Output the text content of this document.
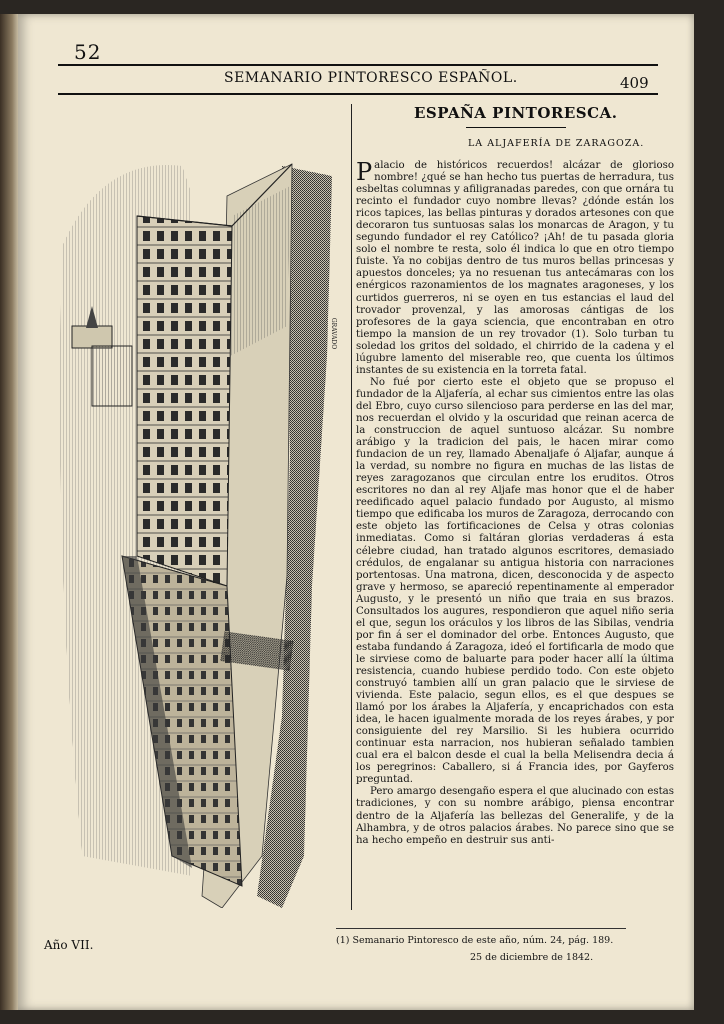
52
SEMANARIO PINTORESCO ESPAÑOL.	409
ESPAÑA PINTORESCA.
LA ALJAFERÍA DE ZARAGOZA.

Palacio de históricos recuerdos! alcázar de glorioso nombre! ¿qué se han hecho tus puertas de herradura, tus esbeltas columnas y afiligranadas paredes, con que ornára tu recinto el fundador cuyo nombre llevas? ¿dónde están los ricos tapices, las bellas pinturas y dorados artesones con que decoraron tus suntuosas salas los monarcas de Aragon, y tu segundo fundador el rey Católico? ¡Ah! de tu pasada gloria solo el nombre te resta, solo él indica lo que en otro tiempo fuiste. Ya no cobijas dentro de tus muros bellas princesas y apuestos donceles; ya no resuenan tus antecámaras con los enérgicos razonamientos de los magnates aragoneses, y los curtidos guerreros, ni se oyen en tus estancias el laud del trovador provenzal, y las amorosas cántigas de los profesores de la gaya sciencia, que encontraban en otro tiempo la mansion de un rey trovador (1). Solo turban tu soledad los gritos del soldado, el chirrido de la cadena y el lúgubre lamento del miserable reo, que cuenta los últimos instantes de su existencia en la torreta fatal.

No fué por cierto este el objeto que se propuso el fundador de la Aljafería, al echar sus cimientos entre las olas del Ebro, cuyo curso silencioso para perderse en las del mar, nos recuerdan el olvido y la oscuridad que reinan acerca de la construccion de aquel suntuoso alcázar. Su nombre arábigo y la tradicion del pais, le hacen mirar como fundacion de un rey, llamado Abenaljafe ó Aljafar, aunque á la verdad, su nombre no figura en muchas de las listas de reyes zaragozanos que circulan entre los eruditos. Otros escritores no dan al rey Aljafe mas honor que el de haber reedificado aquel palacio fundado por Augusto, al mismo tiempo que edificaba los muros de Zaragoza, derrocando con este objeto las fortificaciones de Celsa y otras colonias inmediatas. Como si faltáran glorias verdaderas á esta célebre ciudad, han tratado algunos escritores, demasiado crédulos, de engalanar su antigua historia con narraciones portentosas. Una matrona, dicen, desconocida y de aspecto grave y hermoso, se apareció repentinamente al emperador Augusto, y le presentó un niño que traia en sus brazos. Consultados los augures, respondieron que aquel niño seria el que, segun los oráculos y los libros de las Sibilas, vendria por fin á ser el dominador del orbe. Entonces Augusto, que estaba fundando á Zaragoza, ideó el fortificarla de modo que le sirviese como de baluarte para poder hacer allí la última resistencia, cuando hubiese perdido todo. Con este objeto construyó tambien allí un gran palacio que le sirviese de vivienda. Este palacio, segun ellos, es el que despues se llamó por los árabes la Aljafería, y encaprichados con esta idea, le hacen igualmente morada de los reyes árabes, y por consiguiente del rey Marsilio. Si les hubiera ocurrido continuar esta narracion, nos hubieran señalado tambien cual era el balcon desde el cual la bella Melisendra decia á los peregrinos: Caballero, si á Francia ides, por Gayferos preguntad.

Pero amargo desengaño espera el que alucinado con estas tradiciones, y con su nombre arábigo, piensa encontrar dentro de la Aljafería las bellezas del Generalife, y de la Alhambra, y de otros palacios árabes. No parece sino que se ha hecho empeño en destruir sus anti-

(1) Semanario Pintoresco de este año, núm. 24, pág. 189.
Año VII.
25 de diciembre de 1842.
GRAVADO
